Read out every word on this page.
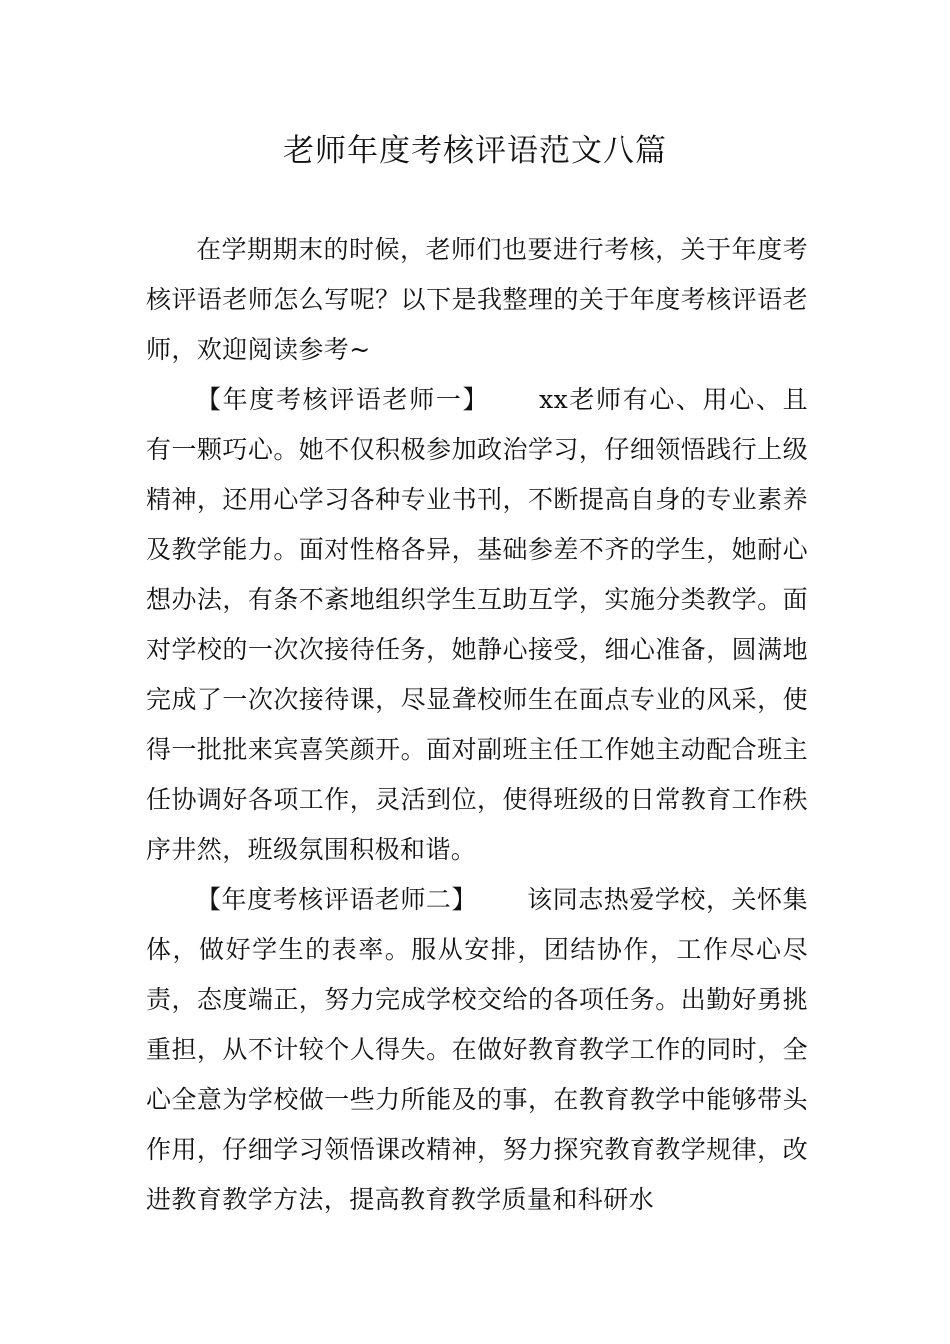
老师年度考核评语范文八篇

在学期期末的时候，老师们也要进行考核，关于年度考核评语老师怎么写呢？以下是我整理的关于年度考核评语老师，欢迎阅读参考~

【年度考核评语老师一】 xx老师有心、用心、且有一颗巧心。她不仅积极参加政治学习，仔细领悟践行上级精神，还用心学习各种专业书刊，不断提高自身的专业素养及教学能力。面对性格各异，基础参差不齐的学生，她耐心想办法，有条不紊地组织学生互助互学，实施分类教学。面对学校的一次次接待任务，她静心接受，细心准备，圆满地完成了一次次接待课，尽显聋校师生在面点专业的风采，使得一批批来宾喜笑颜开。面对副班主任工作她主动配合班主任协调好各项工作，灵活到位，使得班级的日常教育工作秩序井然，班级氛围积极和谐。

【年度考核评语老师二】 该同志热爱学校，关怀集体，做好学生的表率。服从安排，团结协作，工作尽心尽责，态度端正，努力完成学校交给的各项任务。出勤好勇挑重担，从不计较个人得失。在做好教育教学工作的同时，全心全意为学校做一些力所能及的事，在教育教学中能够带头作用，仔细学习领悟课改精神，努力探究教育教学规律，改进教育教学方法，提高教育教学质量和科研水
